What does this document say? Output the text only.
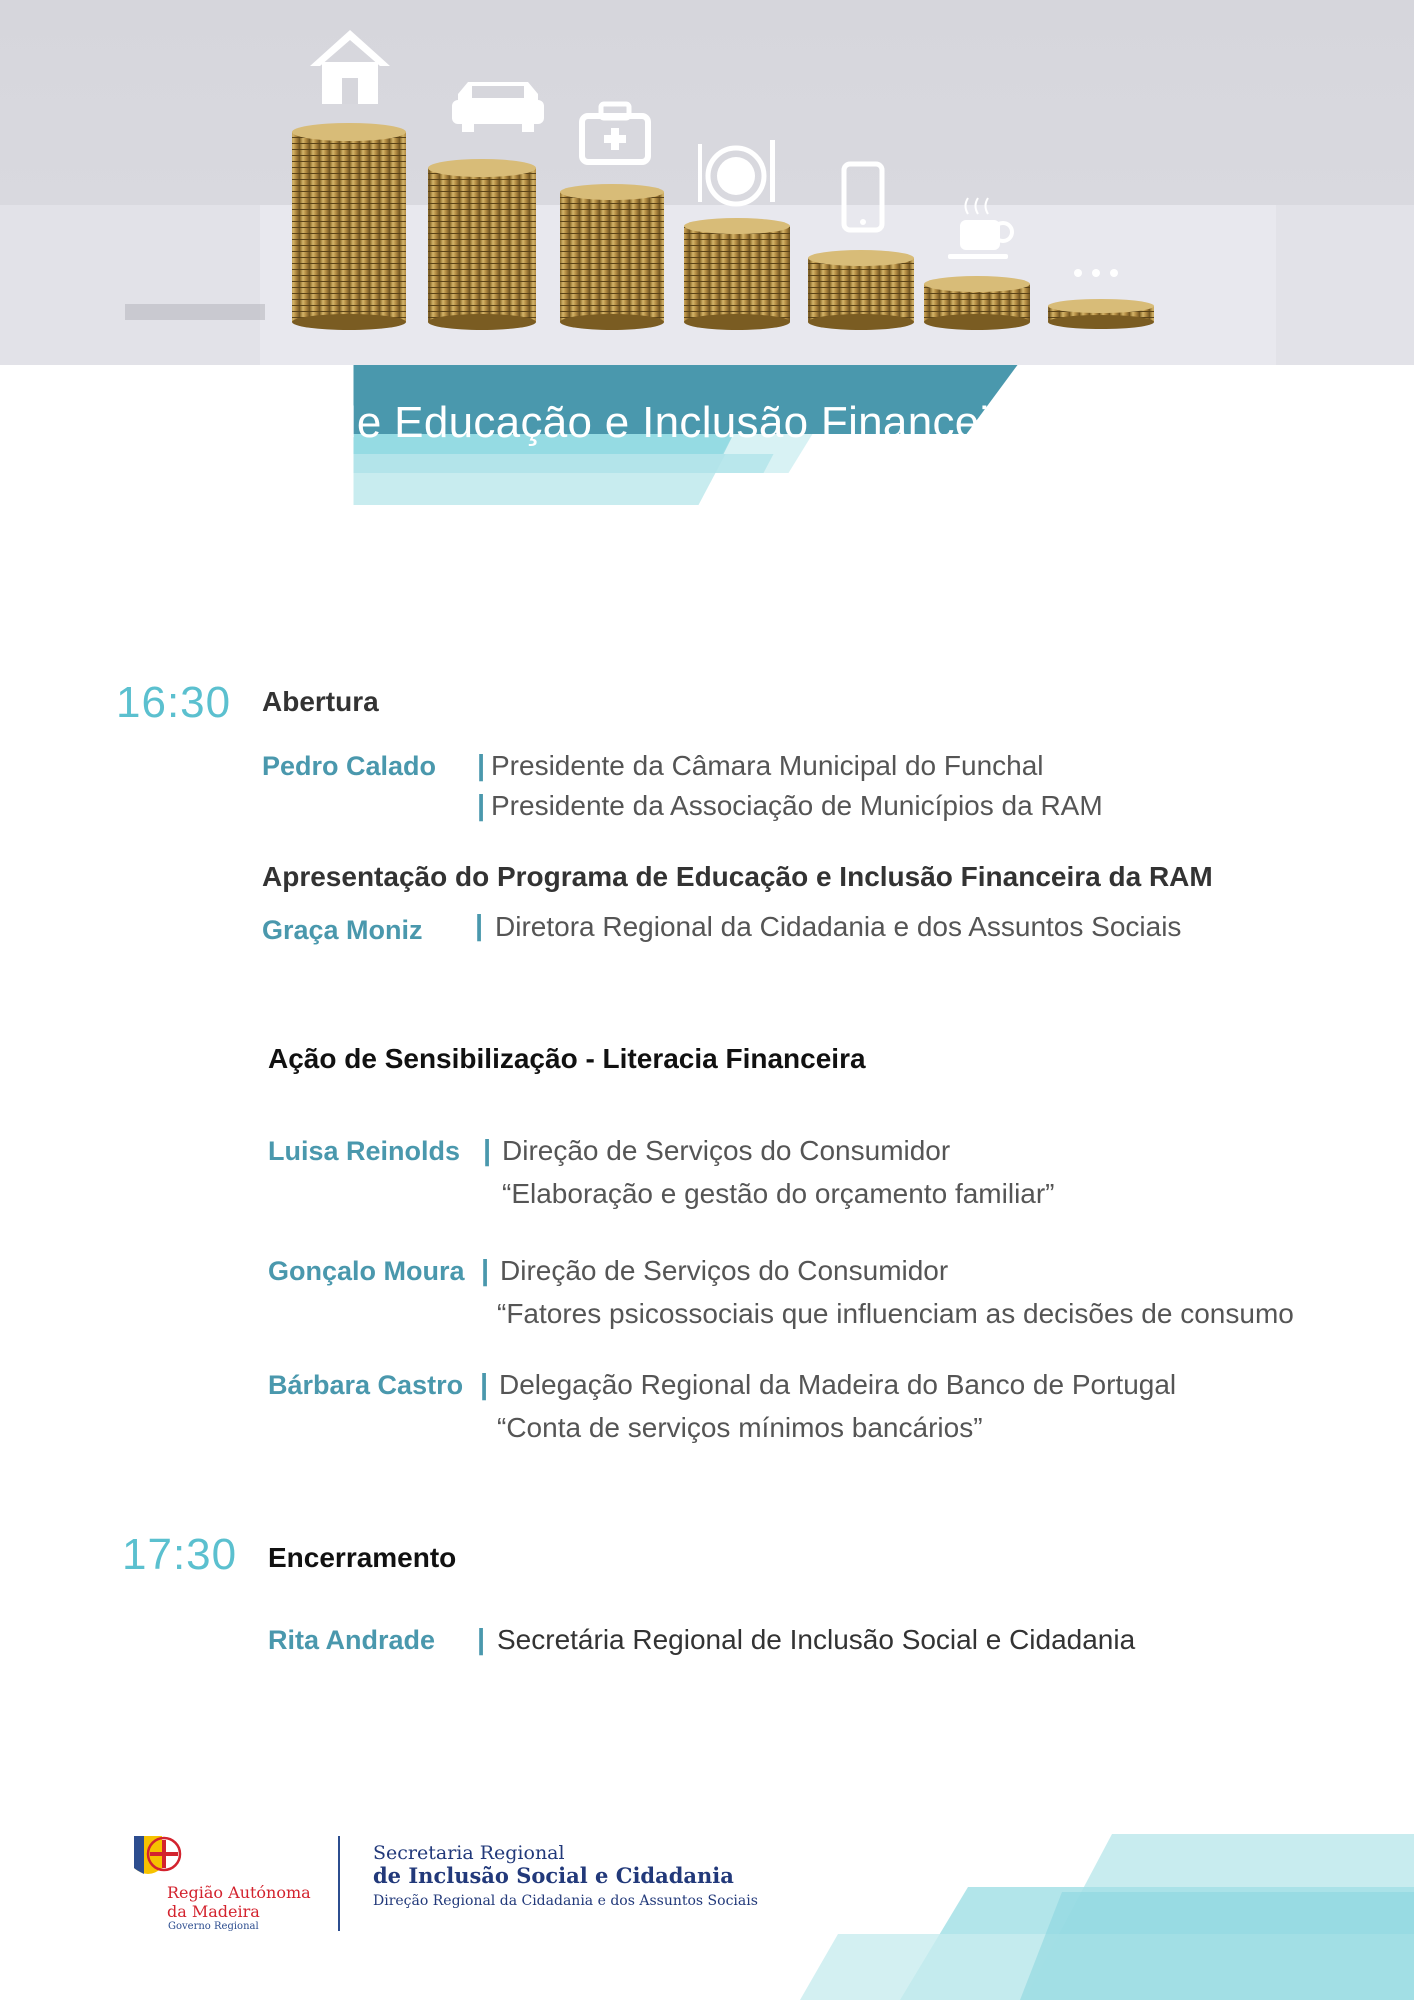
Programa de Educação e Inclusão Financeira RAM
16:30 Abertura
Pedro Calado | Presidente da Câmara Municipal do Funchal
| Presidente da Associação de Municípios da RAM
Apresentação do Programa de Educação e Inclusão Financeira da RAM
Graça Moniz | Diretora Regional da Cidadania e dos Assuntos Sociais
Ação de Sensibilização - Literacia Financeira
Luisa Reinolds | Direção de Serviços do Consumidor
“Elaboração e gestão do orçamento familiar”
Gonçalo Moura | Direção de Serviços do Consumidor
“Fatores psicossociais que influenciam as decisões de consumo
Bárbara Castro | Delegação Regional da Madeira do Banco de Portugal
“Conta de serviços mínimos bancários”
17:30 Encerramento
Rita Andrade | Secretária Regional de Inclusão Social e Cidadania
Região Autónoma
da Madeira
Governo Regional
Secretaria Regional
de Inclusão Social e Cidadania
Direção Regional da Cidadania e dos Assuntos Sociais
